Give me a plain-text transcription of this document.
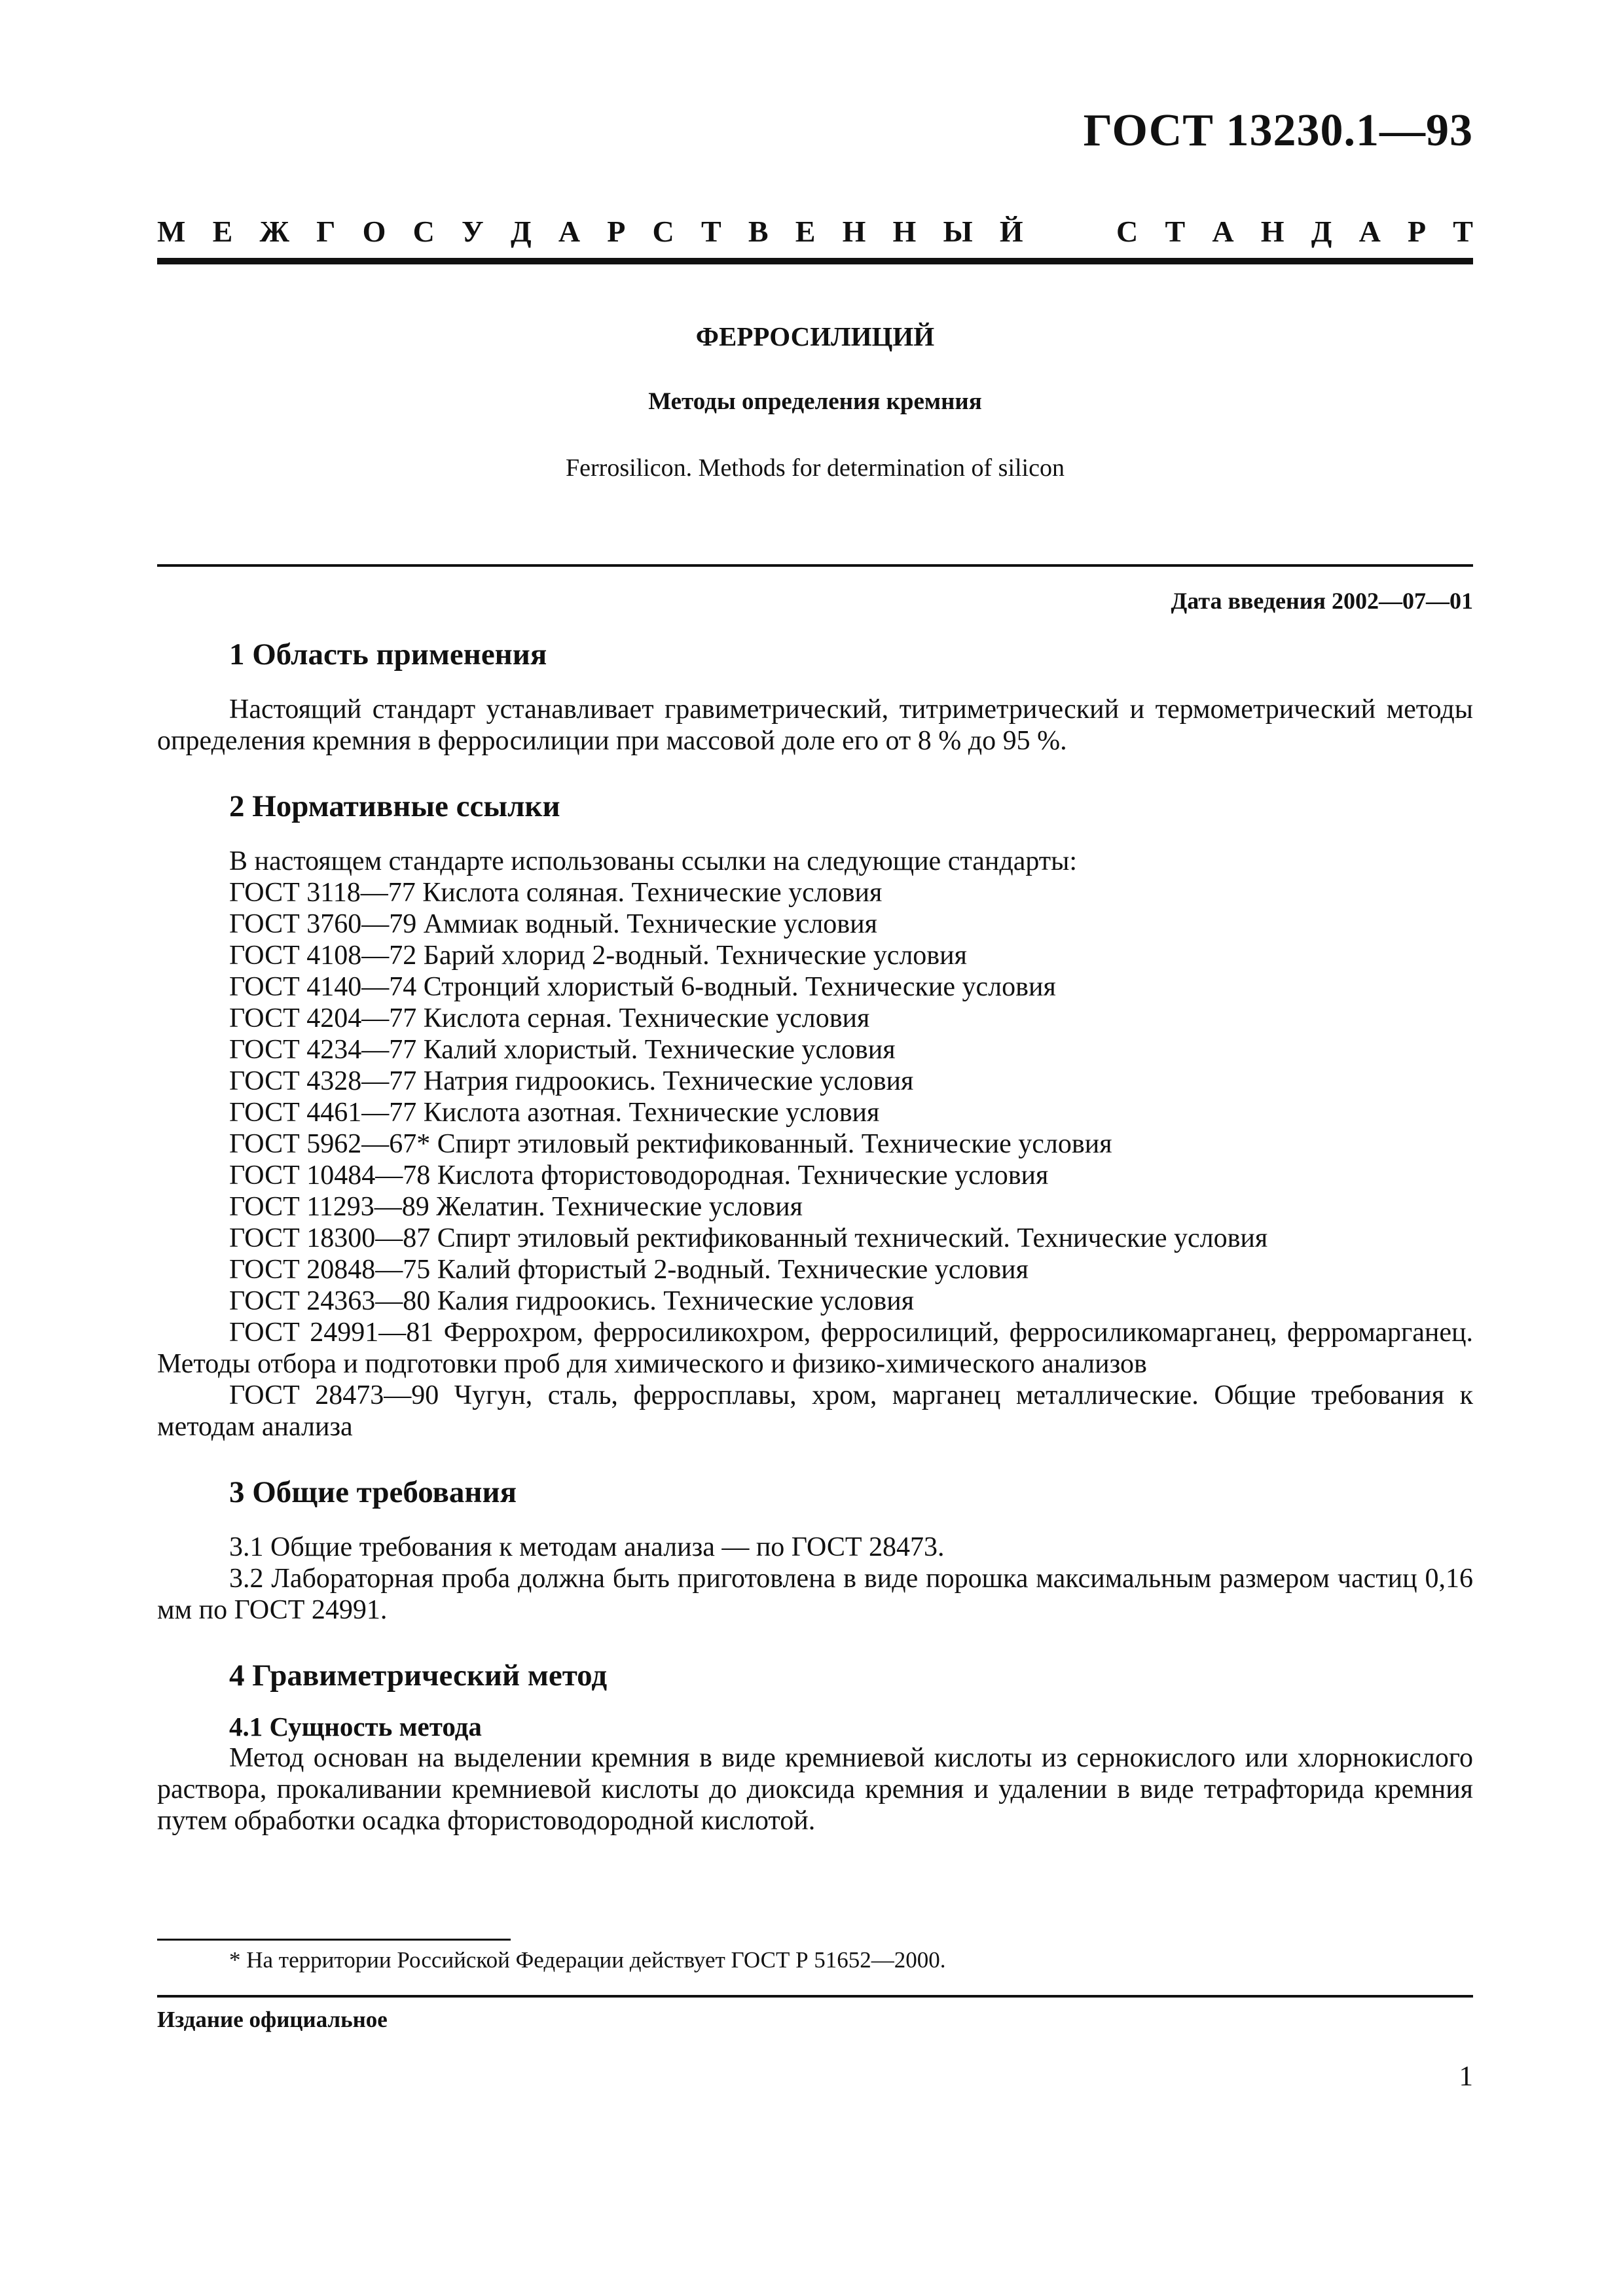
ГОСТ 13230.1—93
М Е Ж Г О С У Д А Р С Т В Е Н Н Ы Й	С Т А Н Д А Р Т
ФЕРРОСИЛИЦИЙ
Методы определения кремния
Ferrosilicon. Methods for determination of silicon
Дата введения 2002—07—01
1 Область применения

Настоящий стандарт устанавливает гравиметрический, титриметрический и термометрический методы определения кремния в ферросилиции при массовой доле его от 8 % до 95 %.

2 Нормативные ссылки

В настоящем стандарте использованы ссылки на следующие стандарты:

ГОСТ 3118—77 Кислота соляная. Технические условия

ГОСТ 3760—79 Аммиак водный. Технические условия

ГОСТ 4108—72 Барий хлорид 2-водный. Технические условия

ГОСТ 4140—74 Стронций хлористый 6-водный. Технические условия

ГОСТ 4204—77 Кислота серная. Технические условия

ГОСТ 4234—77 Калий хлористый. Технические условия

ГОСТ 4328—77 Натрия гидроокись. Технические условия

ГОСТ 4461—77 Кислота азотная. Технические условия

ГОСТ 5962—67* Спирт этиловый ректификованный. Технические условия

ГОСТ 10484—78 Кислота фтористоводородная. Технические условия

ГОСТ 11293—89 Желатин. Технические условия

ГОСТ 18300—87 Спирт этиловый ректификованный технический. Технические условия

ГОСТ 20848—75 Калий фтористый 2-водный. Технические условия

ГОСТ 24363—80 Калия гидроокись. Технические условия

ГОСТ 24991—81 Феррохром, ферросиликохром, ферросилиций, ферросиликомарганец, ферромарганец. Методы отбора и подготовки проб для химического и физико-химического анализов

ГОСТ 28473—90 Чугун, сталь, ферросплавы, хром, марганец металлические. Общие требования к методам анализа

3 Общие требования

3.1 Общие требования к методам анализа — по ГОСТ 28473.

3.2 Лабораторная проба должна быть приготовлена в виде порошка максимальным размером частиц 0,16 мм по ГОСТ 24991.

4 Гравиметрический метод

4.1 Сущность метода

Метод основан на выделении кремния в виде кремниевой кислоты из сернокислого или хлорнокислого раствора, прокаливании кремниевой кислоты до диоксида кремния и удалении в виде тетрафторида кремния путем обработки осадка фтористоводородной кислотой.

* На территории Российской Федерации действует ГОСТ Р 51652—2000.
Издание официальное
1
